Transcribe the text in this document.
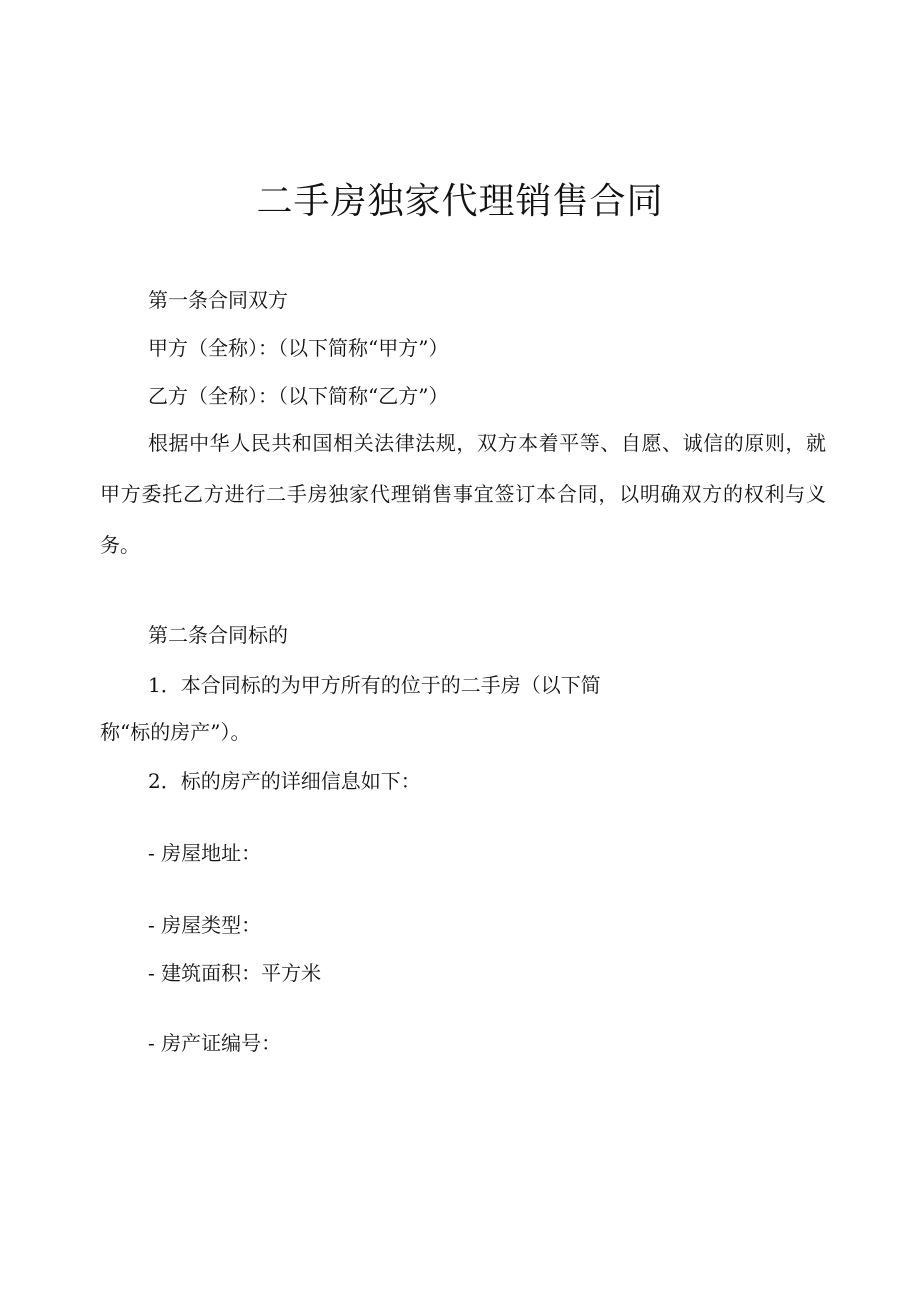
二手房独家代理销售合同

第一条合同双方

甲方（全称）：（以下简称“甲方”）

乙方（全称）：（以下简称“乙方”）

根据中华人民共和国相关法律法规，双方本着平等、自愿、诚信的原则，就甲方委托乙方进行二手房独家代理销售事宜签订本合同，以明确双方的权利与义务。

第二条合同标的

1．本合同标的为甲方所有的位于的二手房（以下简

称“标的房产”）。

2．标的房产的详细信息如下：

- 房屋地址：

- 房屋类型：

- 建筑面积：平方米

- 房产证编号：
